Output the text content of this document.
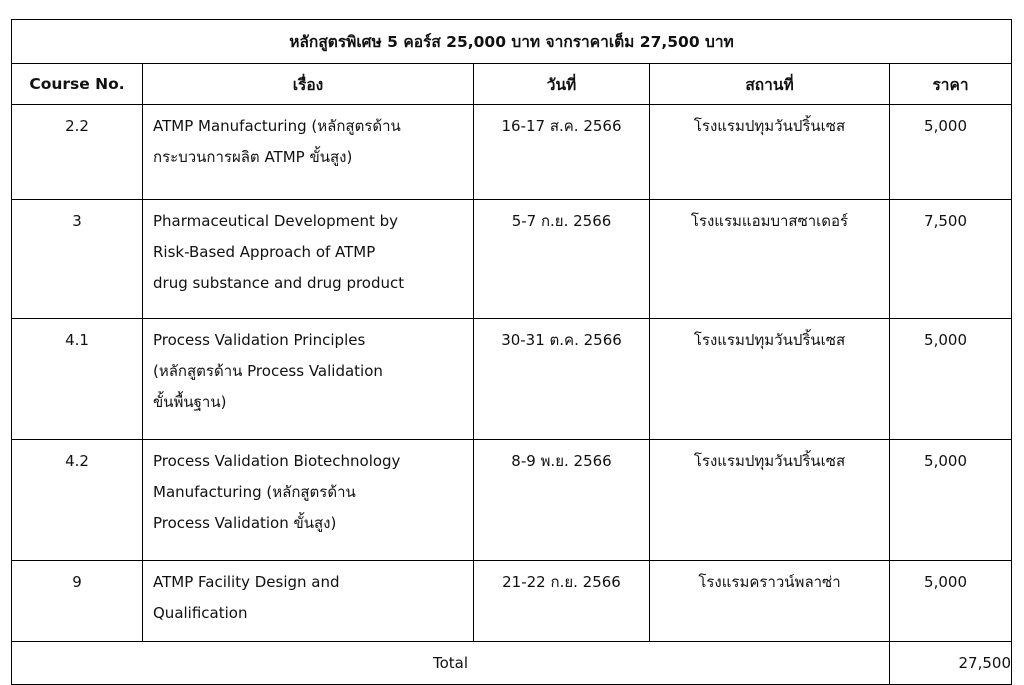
หลักสูตรพิเศษ 5 คอร์ส 25,000 บาท จากราคาเต็ม 27,500 บาท				
Course No.	เรื่อง	วันที่	สถานที่	ราคา
2.2	ATMP Manufacturing (หลักสูตรด้าน
กระบวนการผลิต ATMP ขั้นสูง)	16-17 ส.ค. 2566	โรงแรมปทุมวันปริ้นเซส	5,000
3	Pharmaceutical Development by
Risk-Based Approach of ATMP
drug substance and drug product	5-7 ก.ย. 2566	โรงแรมแอมบาสซาเดอร์	7,500
4.1	Process Validation Principles
(หลักสูตรด้าน Process Validation
ขั้นพื้นฐาน)	30-31 ต.ค. 2566	โรงแรมปทุมวันปริ้นเซส	5,000
4.2	Process Validation Biotechnology
Manufacturing (หลักสูตรด้าน
Process Validation ขั้นสูง)	8-9 พ.ย. 2566	โรงแรมปทุมวันปริ้นเซส	5,000
9	ATMP Facility Design and
Qualification	21-22 ก.ย. 2566	โรงแรมคราวน์พลาซ่า	5,000
Total				27,500
